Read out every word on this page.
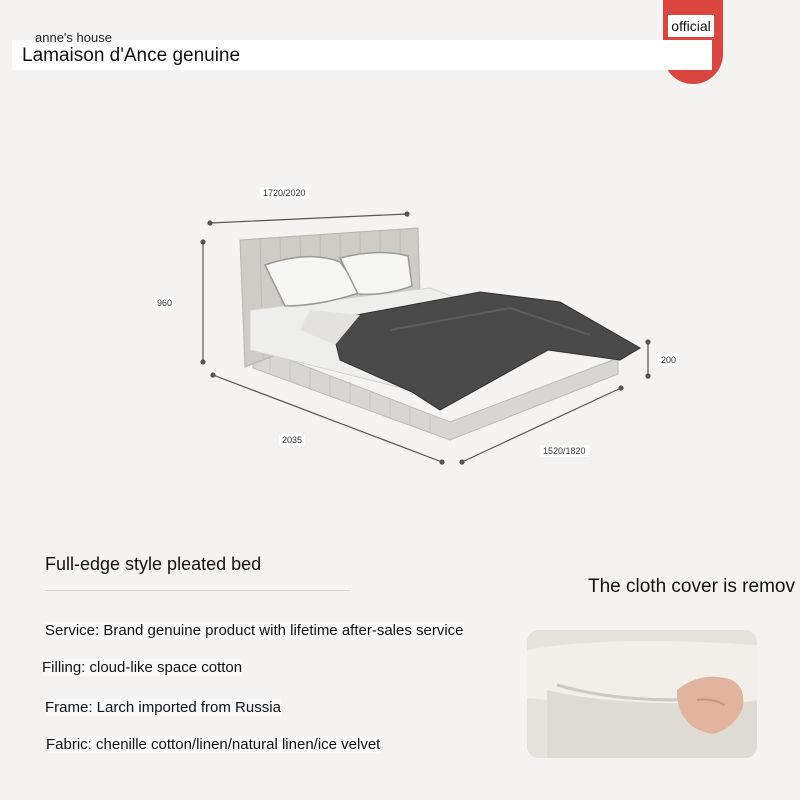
anne's house
Lamaison d'Ance genuine
official
1720/2020
960
200
2035
1520/1820
Full-edge style pleated bed
Service: Brand genuine product with lifetime after-sales service
Filling: cloud-like space cotton
Frame: Larch imported from Russia
Fabric: chenille cotton/linen/natural linen/ice velvet
The cloth cover is remov
